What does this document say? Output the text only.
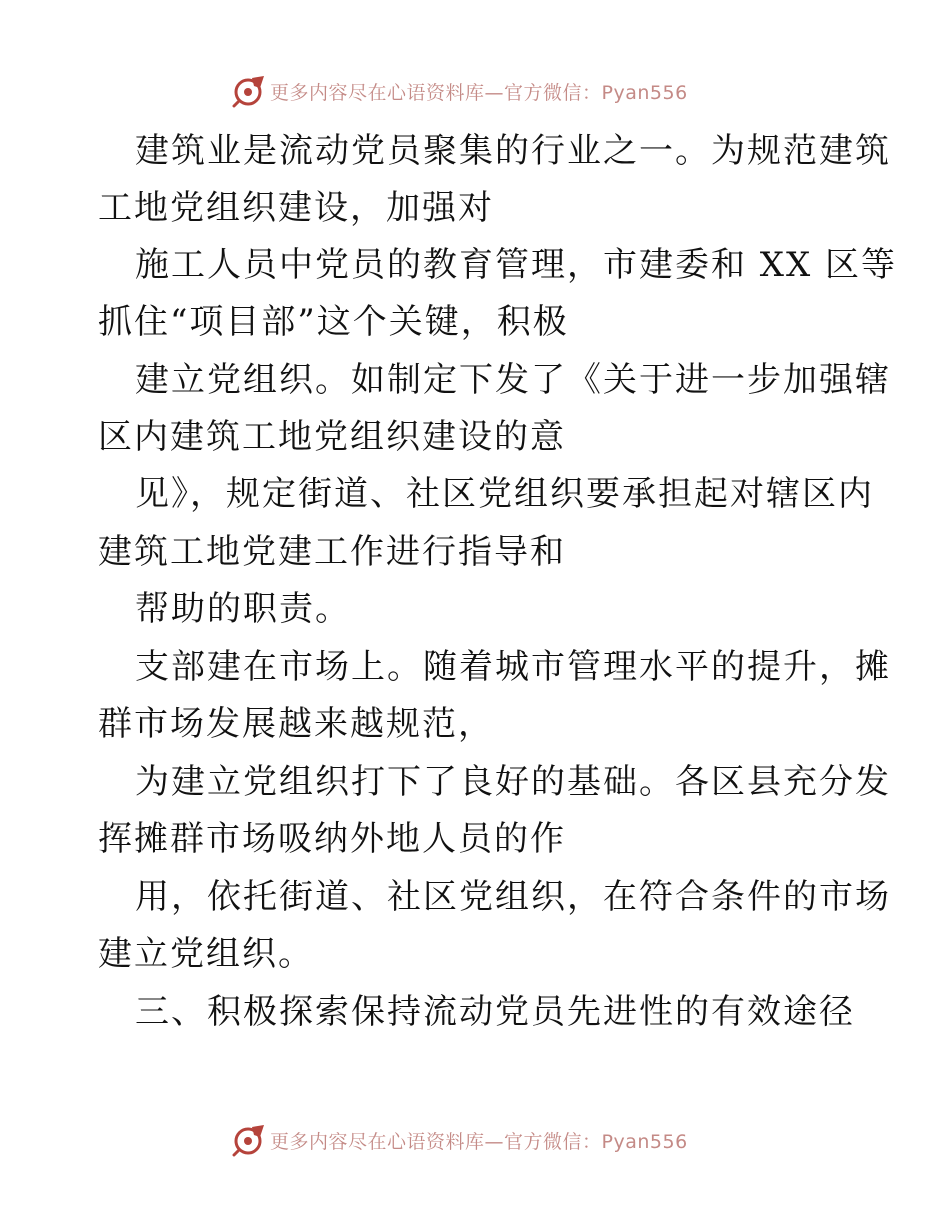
更多内容尽在心语资料库—官方微信：Pyan556
建筑业是流动党员聚集的行业之一。为规范建筑
工地党组织建设，加强对
施工人员中党员的教育管理，市建委和 XX 区等
抓住“项目部”这个关键，积极
建立党组织。如制定下发了《关于进一步加强辖
区内建筑工地党组织建设的意
见》，规定街道、社区党组织要承担起对辖区内
建筑工地党建工作进行指导和
帮助的职责。
支部建在市场上。随着城市管理水平的提升，摊
群市场发展越来越规范，
为建立党组织打下了良好的基础。各区县充分发
挥摊群市场吸纳外地人员的作
用，依托街道、社区党组织，在符合条件的市场
建立党组织。
三、积极探索保持流动党员先进性的有效途径
更多内容尽在心语资料库—官方微信：Pyan556
